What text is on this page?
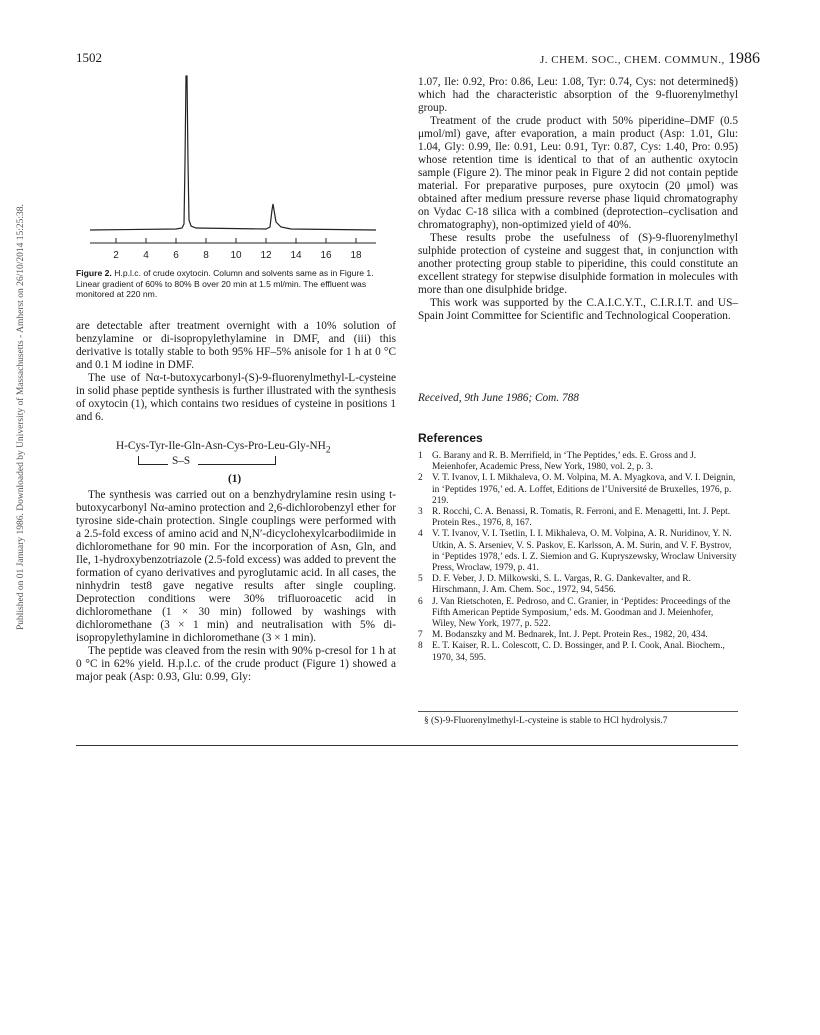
1502	J. CHEM. SOC., CHEM. COMMUN., 1986
Published on 01 January 1986. Downloaded by University of Massachusetts - Amherst on 26/10/2014 15:25:38.	2 4 6 8 10 12 14 16 18
Figure 2. H.p.l.c. of crude oxytocin. Column and solvents same as in Figure 1. Linear gradient of 60% to 80% B over 20 min at 1.5 ml/min. The effluent was monitored at 220 nm.

are detectable after treatment overnight with a 10% solution of benzylamine or di-isopropylethylamine in DMF, and (iii) this derivative is totally stable to both 95% HF–5% anisole for 1 h at 0 °C and 0.1 M iodine in DMF.

The use of Nα-t-butoxycarbonyl-(S)-9-fluorenylmethyl-L-cysteine in solid phase peptide synthesis is further illustrated with the synthesis of oxytocin (1), which contains two residues of cysteine in positions 1 and 6.

$H-Cys-Tyr-Ile-Gln-Asn-Cys-Pro-Leu-Gly-NH_2$
S–S
(1)

The synthesis was carried out on a benzhydrylamine resin using t-butoxycarbonyl Nα-amino protection and 2,6-dichlorobenzyl ether for tyrosine side-chain protection. Single couplings were performed with a 2.5-fold excess of amino acid and N,N′-dicyclohexylcarbodiimide in dichloromethane for 90 min. For the incorporation of Asn, Gln, and Ile, 1-hydroxybenzotriazole (2.5-fold excess) was added to prevent the formation of cyano derivatives and pyroglutamic acid. In all cases, the ninhydrin test8 gave negative results after single coupling. Deprotection conditions were 30% trifluoroacetic acid in dichloromethane (1 × 30 min) followed by washings with dichloromethane (3 × 1 min) and neutralisation with 5% di-isopropylethylamine in dichloromethane (3 × 1 min).

The peptide was cleaved from the resin with 90% p-cresol for 1 h at 0 °C in 62% yield. H.p.l.c. of the crude product (Figure 1) showed a major peak (Asp: 0.93, Glu: 0.99, Gly:

1.07, Ile: 0.92, Pro: 0.86, Leu: 1.08, Tyr: 0.74, Cys: not determined§) which had the characteristic absorption of the 9-fluorenylmethyl group.

Treatment of the crude product with 50% piperidine–DMF (0.5 μmol/ml) gave, after evaporation, a main product (Asp: 1.01, Glu: 1.04, Gly: 0.99, Ile: 0.91, Leu: 0.91, Tyr: 0.87, Cys: 1.40, Pro: 0.95) whose retention time is identical to that of an authentic oxytocin sample (Figure 2). The minor peak in Figure 2 did not contain peptide material. For preparative purposes, pure oxytocin (20 μmol) was obtained after medium pressure reverse phase liquid chromatography on Vydac C-18 silica with a combined (deprotection–cyclisation and chromatography), non-optimized yield of 40%.

These results probe the usefulness of (S)-9-fluorenylmethyl sulphide protection of cysteine and suggest that, in conjunction with another protecting group stable to piperidine, this could constitute an excellent strategy for stepwise disulphide formation in molecules with more than one disulphide bridge.

This work was supported by the C.A.I.C.Y.T., C.I.R.I.T. and US–Spain Joint Committee for Scientific and Technological Cooperation.

Received, 9th June 1986; Com. 788
References
1 G. Barany and R. B. Merrifield, in ‘The Peptides,’ eds. E. Gross and J. Meienhofer, Academic Press, New York, 1980, vol. 2, p. 3.
2 V. T. Ivanov, I. I. Mikhaleva, O. M. Volpina, M. A. Myagkova, and V. I. Deignin, in ‘Peptides 1976,’ ed. A. Loffet, Editions de l’Université de Bruxelles, 1976, p. 219.
3 R. Rocchi, C. A. Benassi, R. Tomatis, R. Ferroni, and E. Menagetti, Int. J. Pept. Protein Res., 1976, 8, 167.
4 V. T. Ivanov, V. I. Tsetlin, I. I. Mikhaleva, O. M. Volpina, A. R. Nuridinov, Y. N. Utkin, A. S. Arseniev, V. S. Paskov, E. Karlsson, A. M. Surin, and V. F. Bystrov, in ‘Peptides 1978,’ eds. I. Z. Siemion and G. Kupryszewsky, Wroclaw University Press, Wroclaw, 1979, p. 41.
5 D. F. Veber, J. D. Milkowski, S. L. Vargas, R. G. Dankevalter, and R. Hirschmann, J. Am. Chem. Soc., 1972, 94, 5456.
6 J. Van Rietschoten, E. Pedroso, and C. Granier, in ‘Peptides: Proceedings of the Fifth American Peptide Symposium,’ eds. M. Goodman and J. Meienhofer, Wiley, New York, 1977, p. 522.
7 M. Bodanszky and M. Bednarek, Int. J. Pept. Protein Res., 1982, 20, 434.
8 E. T. Kaiser, R. L. Colescott, C. D. Bossinger, and P. I. Cook, Anal. Biochem., 1970, 34, 595.
§ (S)-9-Fluorenylmethyl-L-cysteine is stable to HCl hydrolysis.7
